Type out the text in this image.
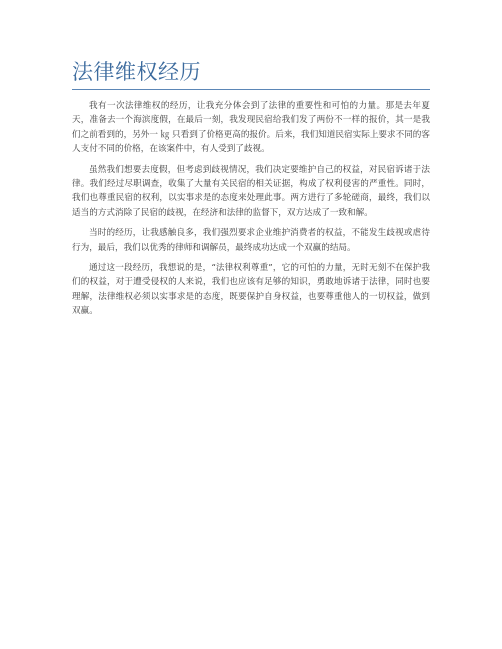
法律维权经历

我有一次法律维权的经历，让我充分体会到了法律的重要性和可怕的力量。那是去年夏天，准备去一个海滨度假，在最后一刻，我发现民宿给我们发了两份不一样的报价，其一是我们之前看到的，另外一 ㎏ 只看到了价格更高的报价。后来，我们知道民宿实际上要求不同的客人支付不同的价格，在该案件中，有人受到了歧视。

虽然我们想要去度假，但考虑到歧视情况，我们决定要维护自己的权益，对民宿诉诸于法律。我们经过尽职调查，收集了大量有关民宿的相关证据，构成了权利侵害的严重性。同时，我们也尊重民宿的权利，以实事求是的态度来处理此事。两方进行了多轮磋商，最终，我们以适当的方式消除了民宿的歧视，在经济和法律的监督下，双方达成了一致和解。

当时的经历，让我感触良多，我们强烈要求企业维护消费者的权益，不能发生歧视或虐待行为，最后，我们以优秀的律师和调解员，最终成功达成一个双赢的结局。

通过这一段经历，我想说的是，“法律权利尊重”，它的可怕的力量，无时无刻不在保护我们的权益，对于遭受侵权的人来说，我们也应该有足够的知识，勇敢地诉诸于法律，同时也要理解，法律维权必须以实事求是的态度，既要保护自身权益，也要尊重他人的一切权益，做到双赢。
